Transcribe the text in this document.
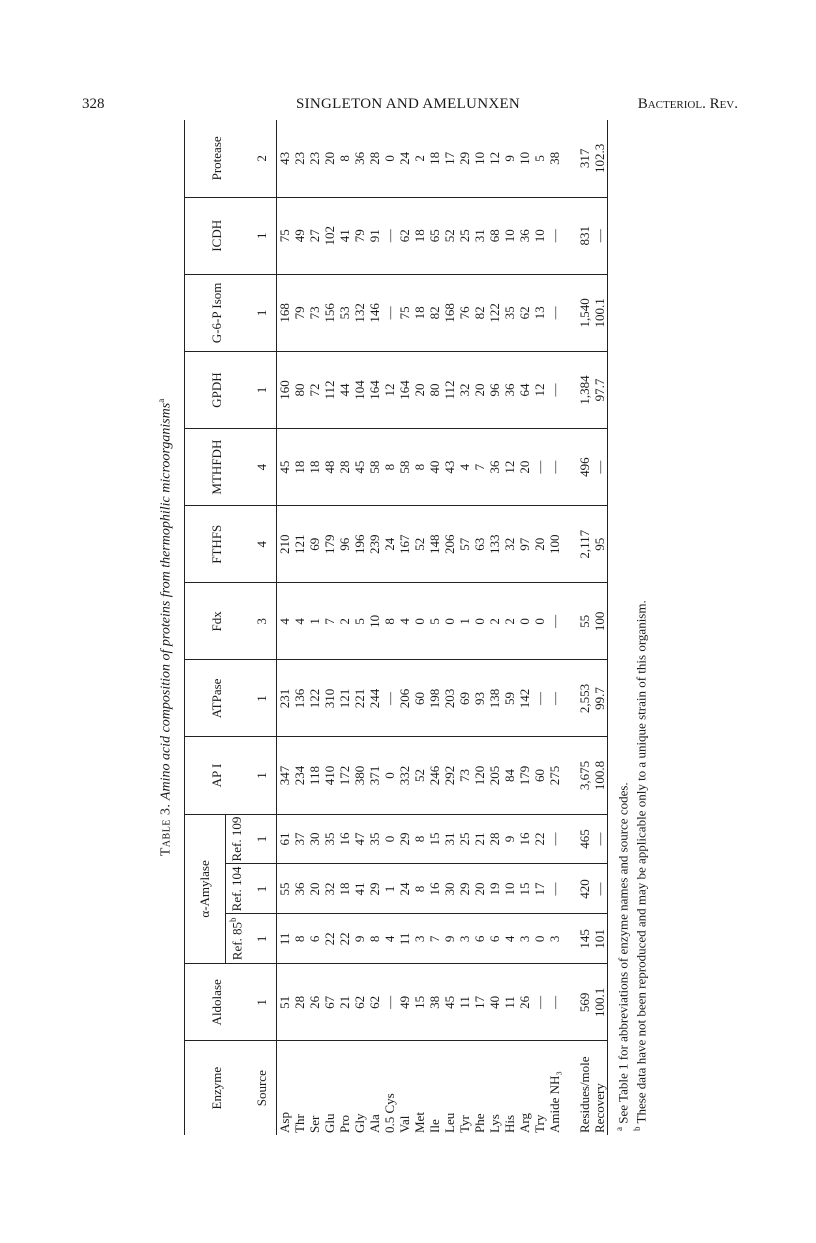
328	SINGLETON AND AMELUNXEN	Bacteriol. Rev.
Table 3. Amino acid composition of proteins from thermophilic microorganisms$^a$
Enzyme	Aldolase	α-Amylase			AP I	ATPase	Fdx	FTHFS	MTHFDH	GPDH	G-6-P Isom	ICDH	Protease
		Ref. 85$^b$	Ref. 104	Ref. 109									
Source	1	1	1	1	1	1	3	4	4	1	1	1	2
Asp	51	11	55	61	347	231	4	210	45	160	168	75	43
Thr	28	8	36	37	234	136	4	121	18	80	79	49	23
Ser	26	6	20	30	118	122	1	69	18	72	73	27	23
Glu	67	22	32	35	410	310	7	179	48	112	156	102	20
Pro	21	22	18	16	172	121	2	96	28	44	53	41	8
Gly	62	9	41	47	380	221	5	196	45	104	132	79	36
Ala	62	8	29	35	371	244	10	239	58	164	146	91	28
0.5 Cys	—	4	1	0	0	—	8	24	8	12	—	—	0
Val	49	11	24	29	332	206	4	167	58	164	75	62	24
Met	15	3	8	8	52	60	0	52	8	20	18	18	2
Ile	38	7	16	15	246	198	5	148	40	80	82	65	18
Leu	45	9	30	31	292	203	0	206	43	112	168	52	17
Tyr	11	3	29	25	73	69	1	57	4	32	76	25	29
Phe	17	6	20	21	120	93	0	63	7	20	82	31	10
Lys	40	6	19	28	205	138	2	133	36	96	122	68	12
His	11	4	10	9	84	59	2	32	12	36	35	10	9
Arg	26	3	15	16	179	142	0	97	20	64	62	36	10
Try	—	0	17	22	60	—	0	20	—	12	13	10	5
Amide NH₃	—	3	—	—	275	—	—	100	—	—	—	—	38

Residues/mole	569	145	420	465	3,675	2,553	55	2,117	496	1,384	1,540	831	317
Recovery	100.1	101	—	—	100.8	99.7	100	95	—	97.7	100.1	—	102.3
$^a$ See Table 1 for abbreviations of enzyme names and source codes.
$^b$ These data have not been reproduced and may be applicable only to a unique strain of this organism.
